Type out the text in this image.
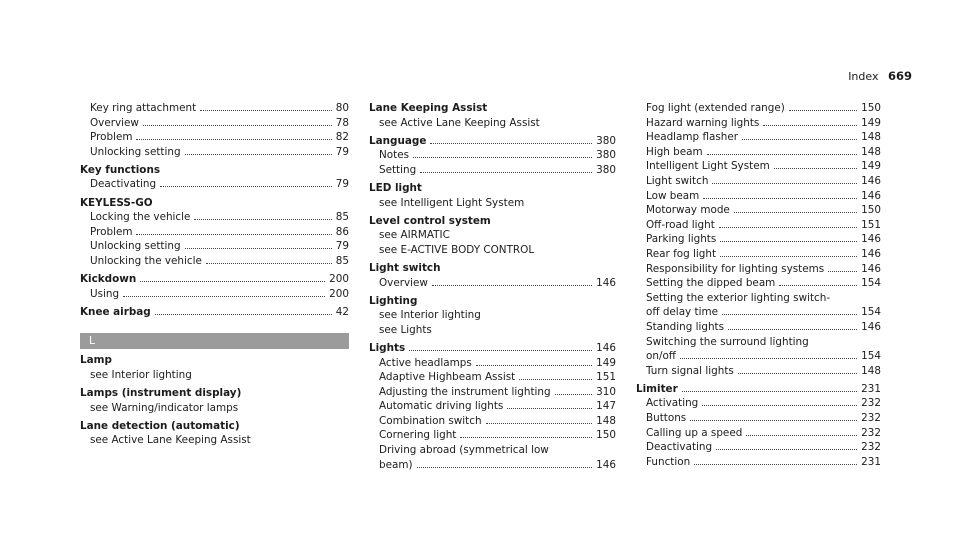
Index 669
Key ring attachment	80
Overview	78
Problem	82
Unlocking setting	79
Key functions
Deactivating	79
KEYLESS-GO
Locking the vehicle	85
Problem	86
Unlocking setting	79
Unlocking the vehicle	85
Kickdown	200
Using	200
Knee airbag	42
L
Lamp
see Interior lighting
Lamps (instrument display)
see Warning/indicator lamps
Lane detection (automatic)
see Active Lane Keeping Assist
Lane Keeping Assist
see Active Lane Keeping Assist
Language	380
Notes	380
Setting	380
LED light
see Intelligent Light System
Level control system
see AIRMATIC
see E-ACTIVE BODY CONTROL
Light switch
Overview	146
Lighting
see Interior lighting
see Lights
Lights	146
Active headlamps	149
Adaptive Highbeam Assist	151
Adjusting the instrument lighting	310
Automatic driving lights	147
Combination switch	148
Cornering light	150
Driving abroad (symmetrical low
beam)	146
Fog light (extended range)	150
Hazard warning lights	149
Headlamp flasher	148
High beam	148
Intelligent Light System	149
Light switch	146
Low beam	146
Motorway mode	150
Off-road light	151
Parking lights	146
Rear fog light	146
Responsibility for lighting systems	146
Setting the dipped beam	154
Setting the exterior lighting switch-
off delay time	154
Standing lights	146
Switching the surround lighting
on/off	154
Turn signal lights	148
Limiter	231
Activating	232
Buttons	232
Calling up a speed	232
Deactivating	232
Function	231
